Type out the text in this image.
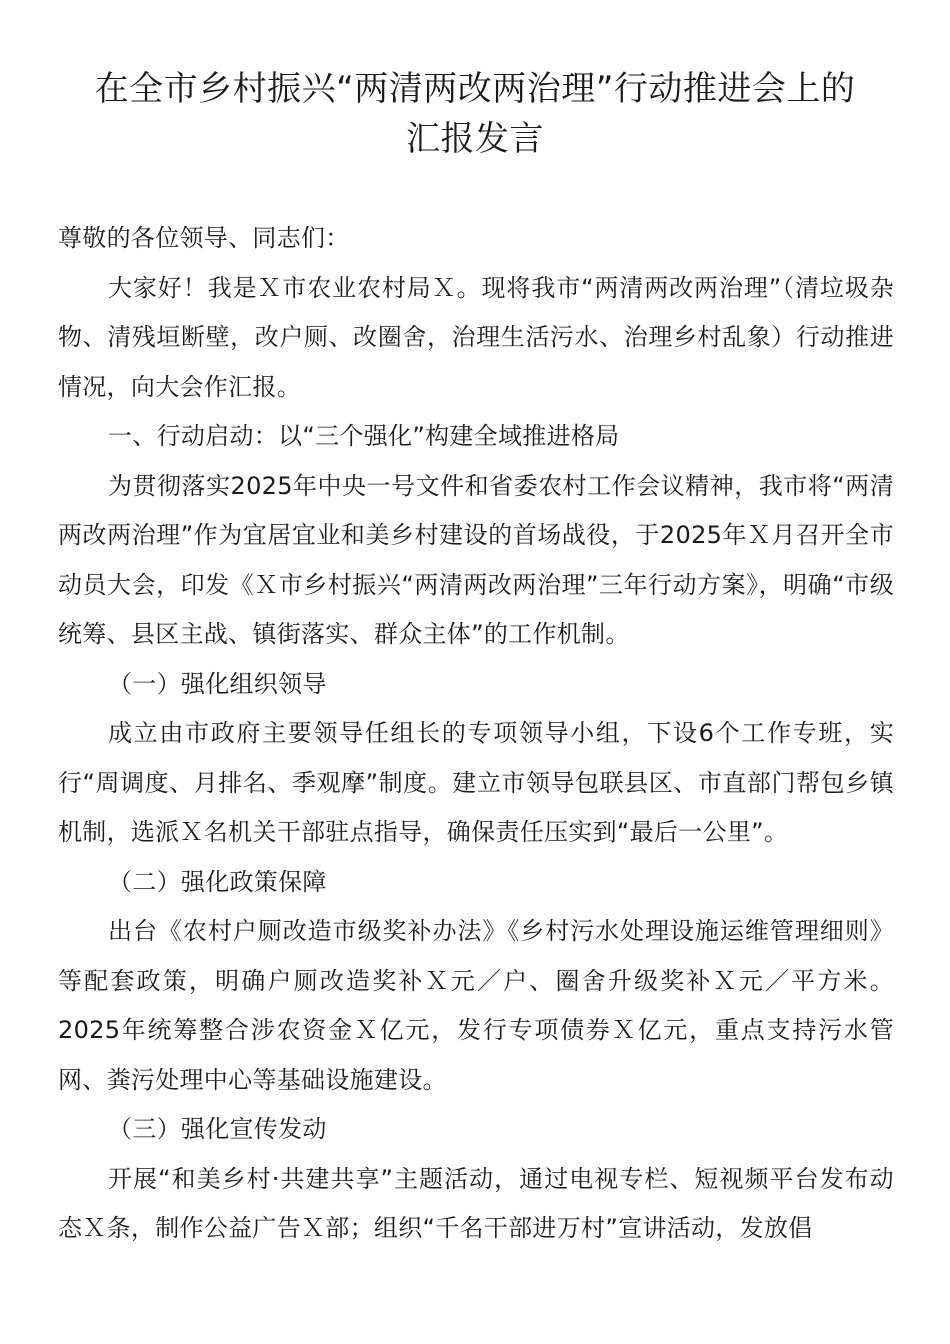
在全市乡村振兴“两清两改两治理”行动推进会上的
汇报发言

尊敬的各位领导、同志们：

大家好！我是Ｘ市农业农村局Ｘ。现将我市“两清两改两治理”（清垃圾杂物、清残垣断壁，改户厕、改圈舍，治理生活污水、治理乡村乱象）行动推进情况，向大会作汇报。

一、行动启动：以“三个强化”构建全域推进格局

为贯彻落实2025年中央一号文件和省委农村工作会议精神，我市将“两清两改两治理”作为宜居宜业和美乡村建设的首场战役，于2025年Ｘ月召开全市动员大会，印发《Ｘ市乡村振兴“两清两改两治理”三年行动方案》，明确“市级统筹、县区主战、镇街落实、群众主体”的工作机制。

（一）强化组织领导

成立由市政府主要领导任组长的专项领导小组，下设6个工作专班，实行“周调度、月排名、季观摩”制度。建立市领导包联县区、市直部门帮包乡镇机制，选派Ｘ名机关干部驻点指导，确保责任压实到“最后一公里”。

（二）强化政策保障

出台《农村户厕改造市级奖补办法》《乡村污水处理设施运维管理细则》等配套政策，明确户厕改造奖补Ｘ元／户、圈舍升级奖补Ｘ元／平方米。2025年统筹整合涉农资金Ｘ亿元，发行专项债券Ｘ亿元，重点支持污水管网、粪污处理中心等基础设施建设。

（三）强化宣传发动

开展“和美乡村·共建共享”主题活动，通过电视专栏、短视频平台发布动态Ｘ条，制作公益广告Ｘ部；组织“千名干部进万村”宣讲活动，发放倡
